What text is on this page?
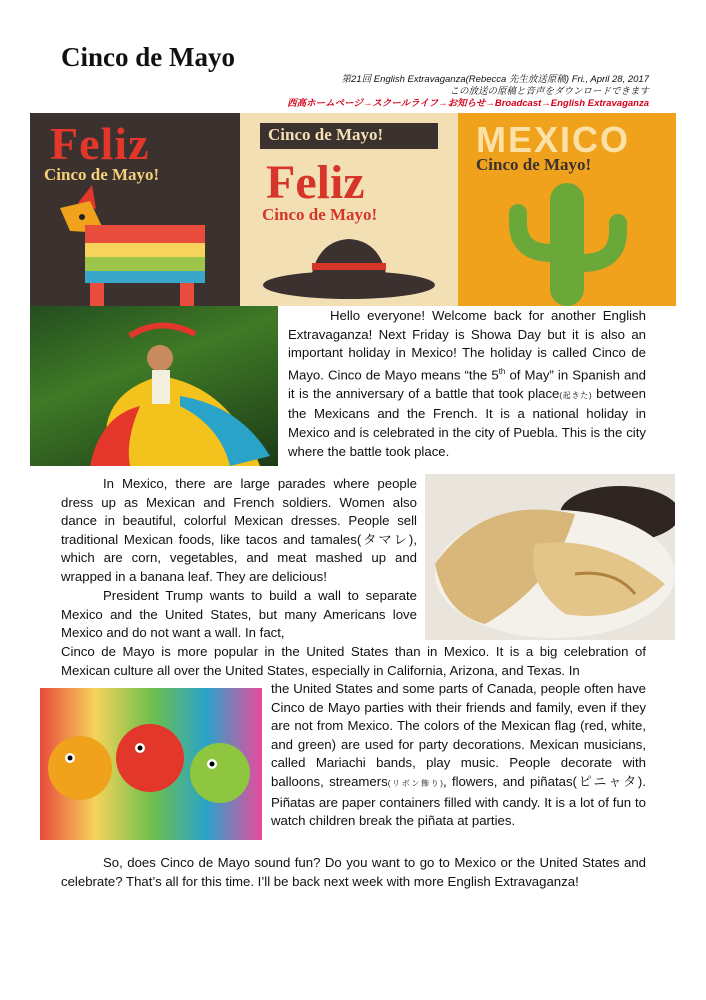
Cinco de Mayo
第21回 English Extravaganza(Rebecca 先生放送原稿) Fri., April 28, 2017
この放送の原稿と音声をダウンロードできます
西高ホームページ→スクールライフ→お知らせ→Broadcast→English Extravaganza
Feliz
Cinco de Mayo!
Cinco de Mayo!
Feliz
Cinco de Mayo!
MEXICO
Cinco de Mayo!

Hello everyone! Welcome back for another English Extravaganza! Next Friday is Showa Day but it is also an important holiday in Mexico! The holiday is called Cinco de Mayo. Cinco de Mayo means “the 5th of May” in Spanish and it is the anniversary of a battle that took place(起きた) between the Mexicans and the French. It is a national holiday in Mexico and is celebrated in the city of Puebla. This is the city where the battle took place.

In Mexico, there are large parades where people dress up as Mexican and French soldiers. Women also dance in beautiful, colorful Mexican dresses. People sell traditional Mexican foods, like tacos and tamales(タマレ), which are corn, vegetables, and meat mashed up and wrapped in a banana leaf. They are delicious!

President Trump wants to build a wall to separate Mexico and the United States, but many Americans love Mexico and do not want a wall. In fact,

Cinco de Mayo is more popular in the United States than in Mexico. It is a big celebration of Mexican culture all over the United States, especially in California, Arizona, and Texas. In

the United States and some parts of Canada, people often have Cinco de Mayo parties with their friends and family, even if they are not from Mexico. The colors of the Mexican flag (red, white, and green) are used for party decorations. Mexican musicians, called Mariachi bands, play music. People decorate with balloons, streamers(リボン飾り), flowers, and piñatas(ピニャタ). Piñatas are paper containers filled with candy. It is a lot of fun to watch children break the piñata at parties.

So, does Cinco de Mayo sound fun? Do you want to go to Mexico or the United States and celebrate? That’s all for this time. I’ll be back next week with more English Extravaganza!
